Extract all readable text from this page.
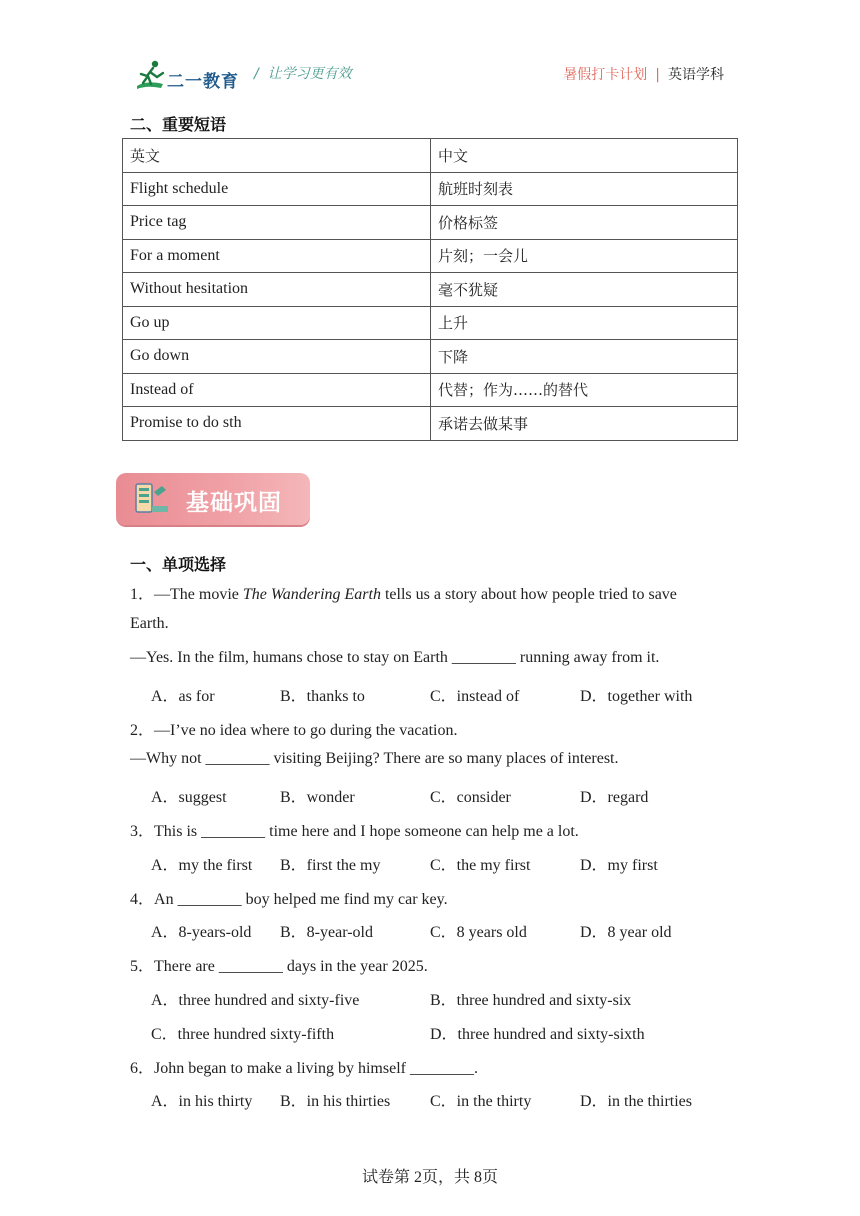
二一教育 / 让学习更有效	暑假打卡计划 | 英语学科
二、重要短语
英文	中文
Flight schedule	航班时刻表
Price tag	价格标签
For a moment	片刻；一会儿
Without hesitation	毫不犹疑
Go up	上升
Go down	下降
Instead of	代替；作为……的替代
Promise to do sth	承诺去做某事
基础巩固
一、单项选择
1．—The movie The Wandering Earth tells us a story about how people tried to save
Earth.
—Yes. In the film, humans chose to stay on Earth ________ running away from it.
A．as for	B．thanks to	C．instead of	D．together with
2．—I’ve no idea where to go during the vacation.
—Why not ________ visiting Beijing? There are so many places of interest.
A．suggest	B．wonder	C．consider	D．regard
3．This is ________ time here and I hope someone can help me a lot.
A．my the first B．first the my	C．the my first	D．my first
4．An ________ boy helped me find my car key.
A．8-years-old B．8-year-old	C．8 years old	D．8 year old
5．There are ________ days in the year 2025.
A．three hundred and sixty-five	B．three hundred and sixty-six
C．three hundred sixty-fifth	D．three hundred and sixty-sixth
6．John began to make a living by himself ________.
A．in his thirty B．in his thirties C．in the thirty	D．in the thirties
试卷第 2页，共 8页
